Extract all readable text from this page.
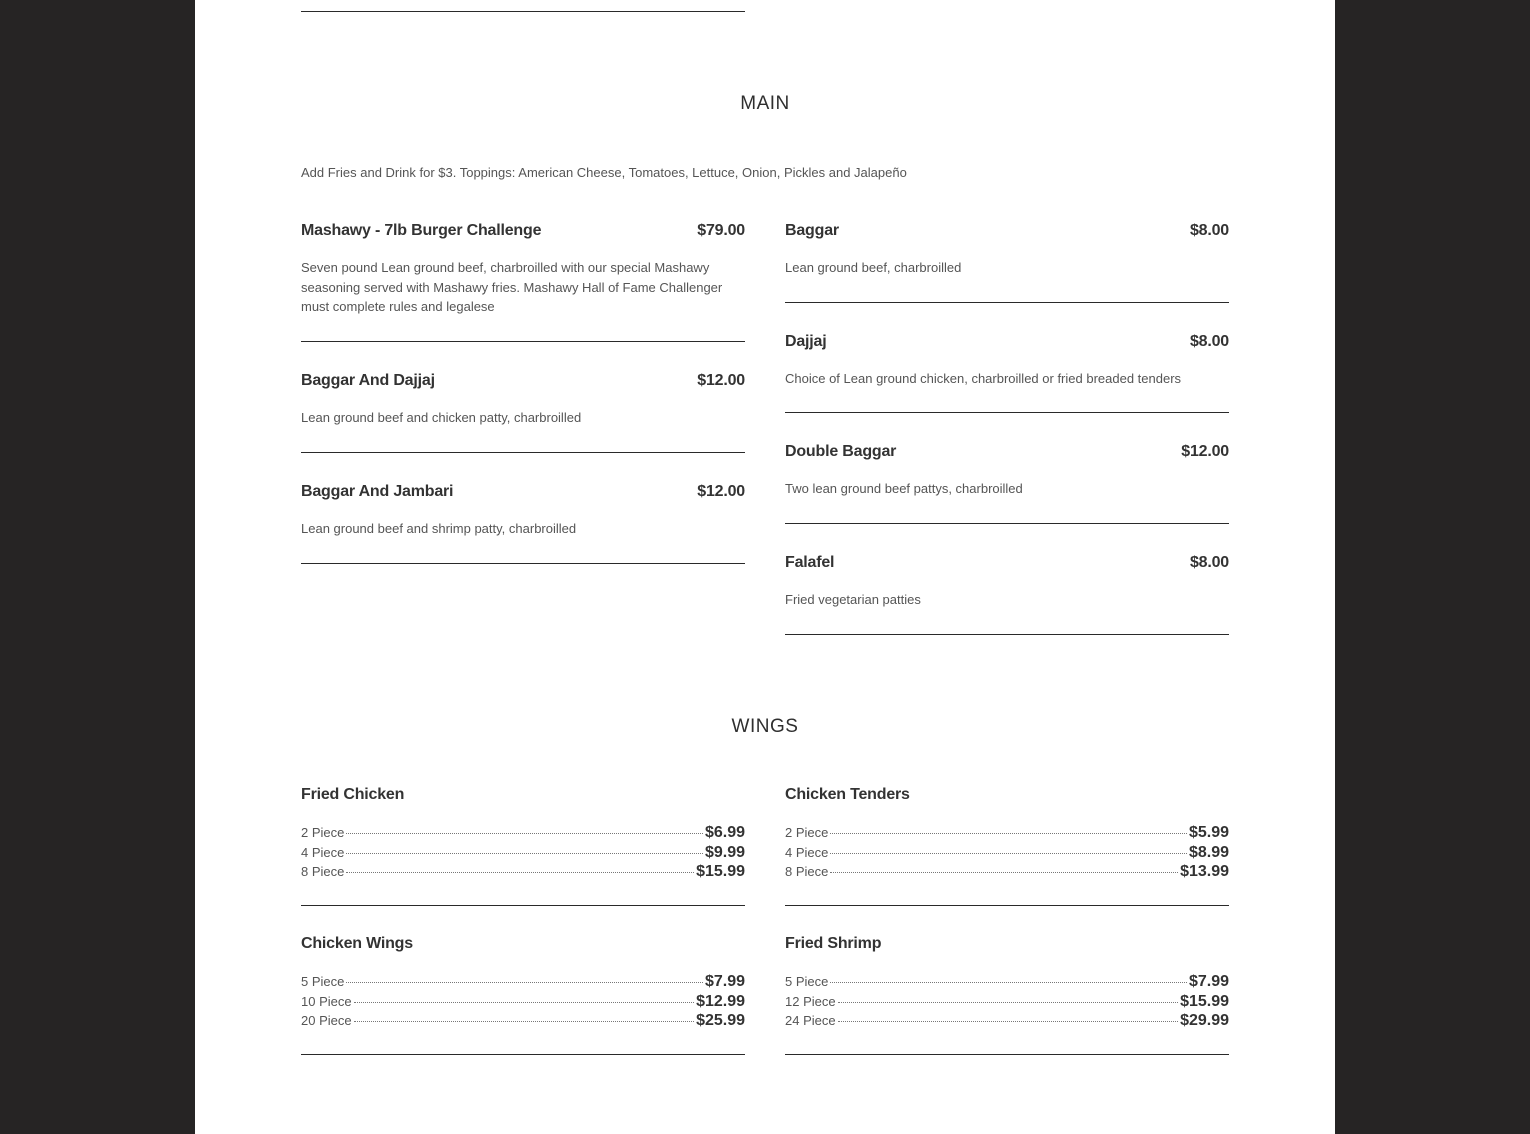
MAIN
Add Fries and Drink for $3. Toppings: American Cheese, Tomatoes, Lettuce, Onion, Pickles and Jalapeño
Mashawy - 7lb Burger Challenge	$79.00
Seven pound Lean ground beef, charbroilled with our special Mashawy seasoning served with Mashawy fries. Mashawy Hall of Fame Challenger must complete rules and legalese
Baggar And Dajjaj	$12.00
Lean ground beef and chicken patty, charbroilled
Baggar And Jambari	$12.00
Lean ground beef and shrimp patty, charbroilled
Baggar	$8.00
Lean ground beef, charbroilled
Dajjaj	$8.00
Choice of Lean ground chicken, charbroilled or fried breaded tenders
Double Baggar	$12.00
Two lean ground beef pattys, charbroilled
Falafel	$8.00
Fried vegetarian patties
WINGS
Fried Chicken
2 Piece	$6.99
4 Piece	$9.99
8 Piece	$15.99
Chicken Tenders
2 Piece	$5.99
4 Piece	$8.99
8 Piece	$13.99
Chicken Wings
5 Piece	$7.99
10 Piece	$12.99
20 Piece	$25.99
Fried Shrimp
5 Piece	$7.99
12 Piece	$15.99
24 Piece	$29.99
